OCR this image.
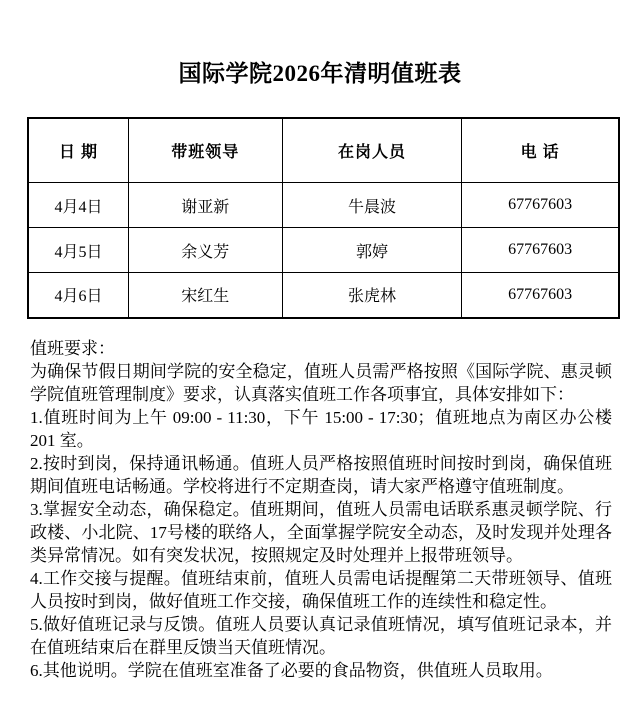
国际学院2026年清明值班表
日 期	带班领导	在岗人员	电 话
4月4日	谢亚新	牛晨波	67767603
4月5日	余义芳	郭婷	67767603
4月6日	宋红生	张虎林	67767603

值班要求：

为确保节假日期间学院的安全稳定，值班人员需严格按照《国际学院、惠灵顿学院值班管理制度》要求，认真落实值班工作各项事宜，具体安排如下：

1.值班时间为上午 09:00 - 11:30，下午 15:00 - 17:30；值班地点为南区办公楼 201 室。

2.按时到岗，保持通讯畅通。值班人员严格按照值班时间按时到岗，确保值班期间值班电话畅通。学校将进行不定期查岗，请大家严格遵守值班制度。

3.掌握安全动态，确保稳定。值班期间，值班人员需电话联系惠灵顿学院、行政楼、小北院、17号楼的联络人，全面掌握学院安全动态，及时发现并处理各类异常情况。如有突发状况，按照规定及时处理并上报带班领导。

4.工作交接与提醒。值班结束前，值班人员需电话提醒第二天带班领导、值班人员按时到岗，做好值班工作交接，确保值班工作的连续性和稳定性。

5.做好值班记录与反馈。值班人员要认真记录值班情况，填写值班记录本，并在值班结束后在群里反馈当天值班情况。

6.其他说明。学院在值班室准备了必要的食品物资，供值班人员取用。
